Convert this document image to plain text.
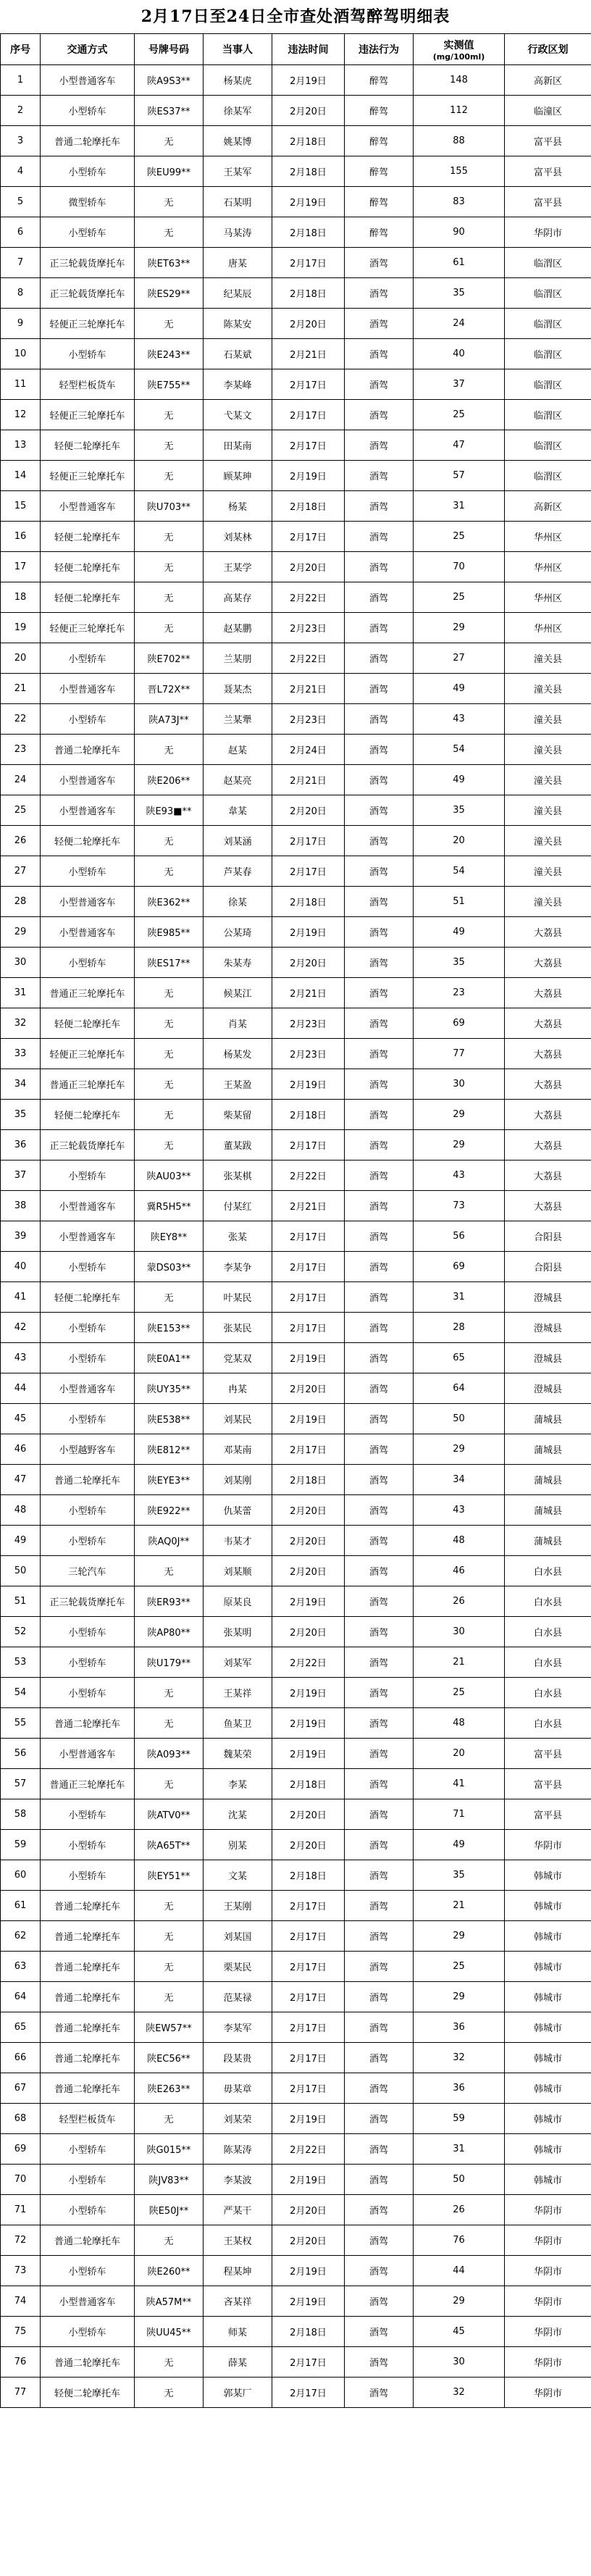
2月17日至24日全市查处酒驾醉驾明细表
序号	交通方式	号牌号码	当事人	违法时间	违法行为	实测值
(mg/100ml)	行政区划
1	小型普通客车	陕A9S3**	杨某虎	2月19日	醉驾	148	高新区
2	小型轿车	陕ES37**	徐某军	2月20日	醉驾	112	临潼区
3	普通二轮摩托车	无	姚某博	2月18日	醉驾	88	富平县
4	小型轿车	陕EU99**	王某军	2月18日	醉驾	155	富平县
5	微型轿车	无	石某明	2月19日	醉驾	83	富平县
6	小型轿车	无	马某涛	2月18日	醉驾	90	华阴市
7	正三轮载货摩托车	陕ET63**	唐某	2月17日	酒驾	61	临渭区
8	正三轮载货摩托车	陕ES29**	纪某辰	2月18日	酒驾	35	临渭区
9	轻便正三轮摩托车	无	陈某安	2月20日	酒驾	24	临渭区
10	小型轿车	陕E243**	石某斌	2月21日	酒驾	40	临渭区
11	轻型栏板货车	陕E755**	李某峰	2月17日	酒驾	37	临渭区
12	轻便正三轮摩托车	无	弋某文	2月17日	酒驾	25	临渭区
13	轻便二轮摩托车	无	田某南	2月17日	酒驾	47	临渭区
14	轻便正三轮摩托车	无	顾某珅	2月19日	酒驾	57	临渭区
15	小型普通客车	陕U703**	杨某	2月18日	酒驾	31	高新区
16	轻便二轮摩托车	无	刘某林	2月17日	酒驾	25	华州区
17	轻便二轮摩托车	无	王某学	2月20日	酒驾	70	华州区
18	轻便二轮摩托车	无	高某存	2月22日	酒驾	25	华州区
19	轻便正三轮摩托车	无	赵某鹏	2月23日	酒驾	29	华州区
20	小型轿车	陕E702**	兰某朋	2月22日	酒驾	27	潼关县
21	小型普通客车	晋L72X**	聂某杰	2月21日	酒驾	49	潼关县
22	小型轿车	陕A73J**	兰某犟	2月23日	酒驾	43	潼关县
23	普通二轮摩托车	无	赵某	2月24日	酒驾	54	潼关县
24	小型普通客车	陕E206**	赵某亮	2月21日	酒驾	49	潼关县
25	小型普通客车	陕E93■**	韋某	2月20日	酒驾	35	潼关县
26	轻便二轮摩托车	无	刘某涵	2月17日	酒驾	20	潼关县
27	小型轿车	无	芦某春	2月17日	酒驾	54	潼关县
28	小型普通客车	陕E362**	徐某	2月18日	酒驾	51	潼关县
29	小型普通客车	陕E985**	公某琦	2月19日	酒驾	49	大荔县
30	小型轿车	陕ES17**	朱某寿	2月20日	酒驾	35	大荔县
31	普通正三轮摩托车	无	候某江	2月21日	酒驾	23	大荔县
32	轻便二轮摩托车	无	肖某	2月23日	酒驾	69	大荔县
33	轻便正三轮摩托车	无	杨某发	2月23日	酒驾	77	大荔县
34	普通正三轮摩托车	无	王某盈	2月19日	酒驾	30	大荔县
35	轻便二轮摩托车	无	柴某留	2月18日	酒驾	29	大荔县
36	正三轮载货摩托车	无	董某跋	2月17日	酒驾	29	大荔县
37	小型轿车	陕AU03**	张某棋	2月22日	酒驾	43	大荔县
38	小型普通客车	冀R5H5**	付某红	2月21日	酒驾	73	大荔县
39	小型普通客车	陕EY8**	张某	2月17日	酒驾	56	合阳县
40	小型轿车	蒙DS03**	李某争	2月17日	酒驾	69	合阳县
41	轻便二轮摩托车	无	叶某民	2月17日	酒驾	31	澄城县
42	小型轿车	陕E153**	张某民	2月17日	酒驾	28	澄城县
43	小型轿车	陕E0A1**	党某双	2月19日	酒驾	65	澄城县
44	小型普通客车	陕UY35**	冉某	2月20日	酒驾	64	澄城县
45	小型轿车	陕E538**	刘某民	2月19日	酒驾	50	蒲城县
46	小型越野客车	陕E812**	邓某南	2月17日	酒驾	29	蒲城县
47	普通二轮摩托车	陕EYE3**	刘某刚	2月18日	酒驾	34	蒲城县
48	小型轿车	陕E922**	仇某蕾	2月20日	酒驾	43	蒲城县
49	小型轿车	陕AQ0J**	韦某才	2月20日	酒驾	48	蒲城县
50	三轮汽车	无	刘某顺	2月20日	酒驾	46	白水县
51	正三轮载货摩托车	陕ER93**	原某良	2月19日	酒驾	26	白水县
52	小型轿车	陕AP80**	张某明	2月20日	酒驾	30	白水县
53	小型轿车	陕U179**	刘某军	2月22日	酒驾	21	白水县
54	小型轿车	无	王某祥	2月19日	酒驾	25	白水县
55	普通二轮摩托车	无	鱼某卫	2月19日	酒驾	48	白水县
56	小型普通客车	陕A093**	魏某荣	2月19日	酒驾	20	富平县
57	普通正三轮摩托车	无	李某	2月18日	酒驾	41	富平县
58	小型轿车	陕ATV0**	沈某	2月20日	酒驾	71	富平县
59	小型轿车	陕A65T**	别某	2月20日	酒驾	49	华阴市
60	小型轿车	陕EY51**	文某	2月18日	酒驾	35	韩城市
61	普通二轮摩托车	无	王某刚	2月17日	酒驾	21	韩城市
62	普通二轮摩托车	无	刘某国	2月17日	酒驾	29	韩城市
63	普通二轮摩托车	无	栗某民	2月17日	酒驾	25	韩城市
64	普通二轮摩托车	无	范某禄	2月17日	酒驾	29	韩城市
65	普通二轮摩托车	陕EW57**	李某军	2月17日	酒驾	36	韩城市
66	普通二轮摩托车	陕EC56**	段某贵	2月17日	酒驾	32	韩城市
67	普通二轮摩托车	陕E263**	毋某章	2月17日	酒驾	36	韩城市
68	轻型栏板货车	无	刘某荣	2月19日	酒驾	59	韩城市
69	小型轿车	陕G015**	陈某涛	2月22日	酒驾	31	韩城市
70	小型轿车	陕JV83**	李某波	2月19日	酒驾	50	韩城市
71	小型轿车	陕E50J**	严某干	2月20日	酒驾	26	华阴市
72	普通二轮摩托车	无	王某权	2月20日	酒驾	76	华阴市
73	小型轿车	陕E260**	程某坤	2月19日	酒驾	44	华阴市
74	小型普通客车	陕A57M**	吝某祥	2月19日	酒驾	29	华阴市
75	小型轿车	陕UU45**	师某	2月18日	酒驾	45	华阴市
76	普通二轮摩托车	无	薛某	2月17日	酒驾	30	华阴市
77	轻便二轮摩托车	无	郭某厂	2月17日	酒驾	32	华阴市
